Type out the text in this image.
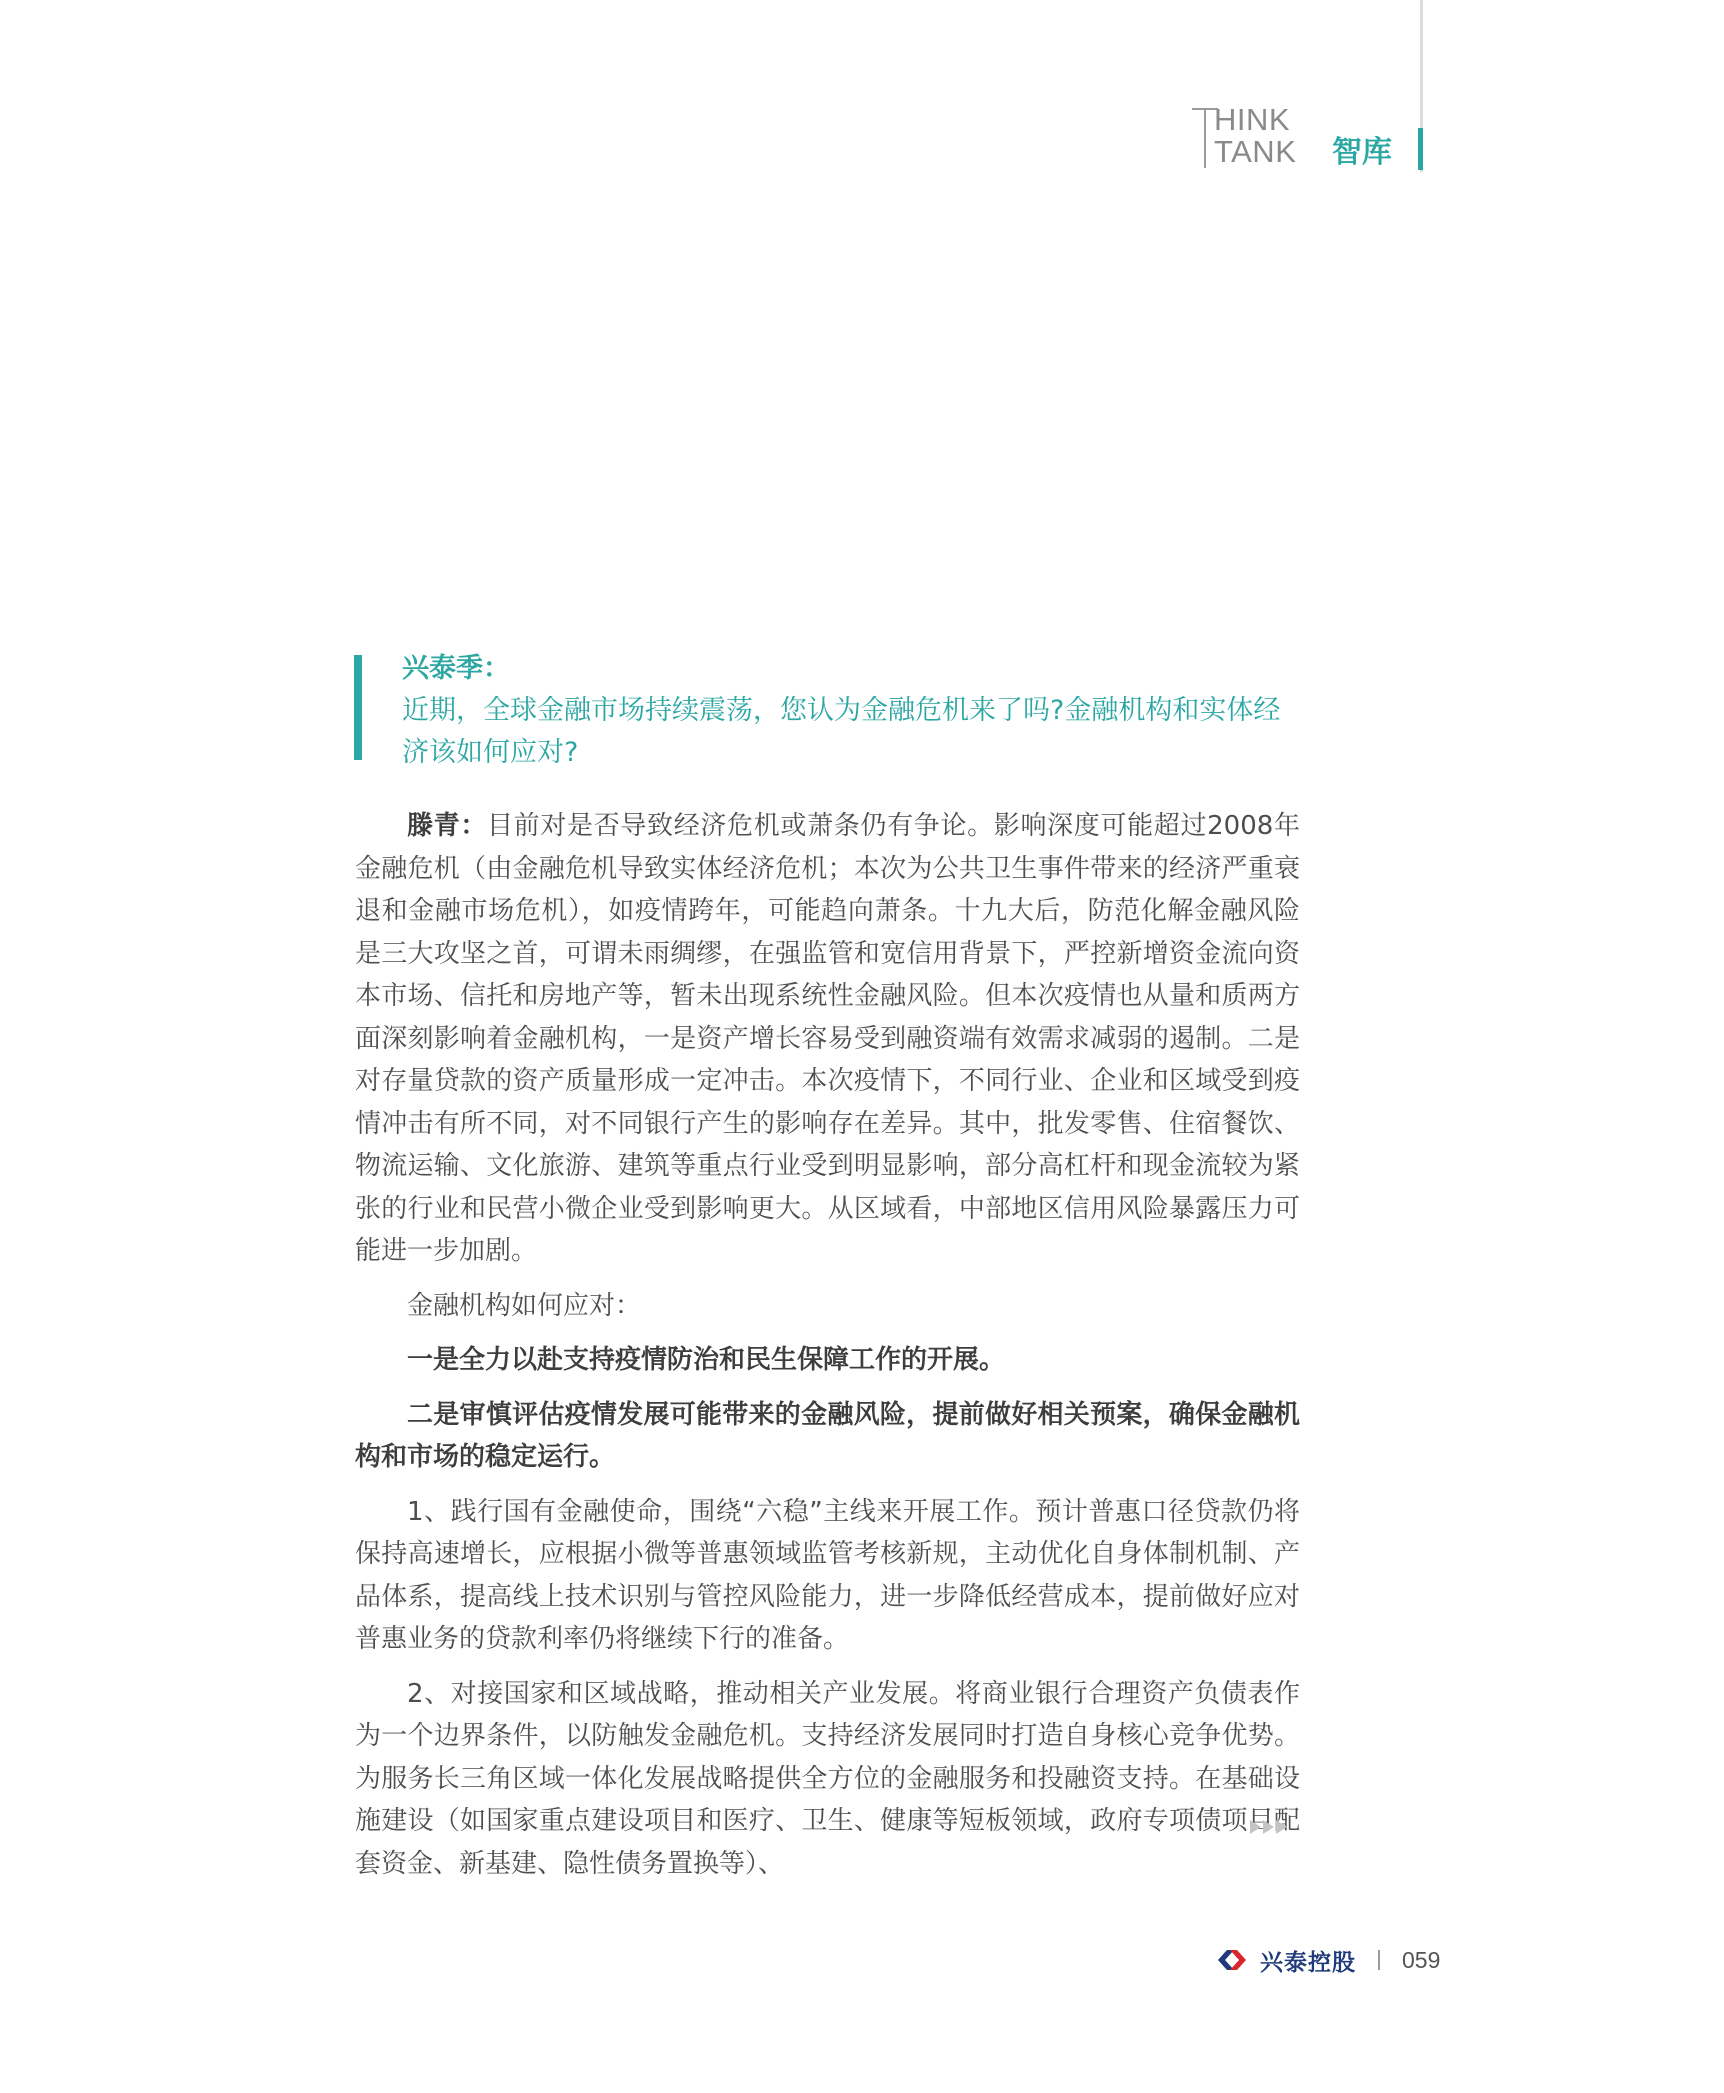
HINK
TANK 智库
兴泰季：

近期，全球金融市场持续震荡，您认为金融危机来了吗?金融机构和实体经济该如何应对?

滕青：目前对是否导致经济危机或萧条仍有争论。影响深度可能超过2008年金融危机（由金融危机导致实体经济危机；本次为公共卫生事件带来的经济严重衰退和金融市场危机），如疫情跨年，可能趋向萧条。十九大后，防范化解金融风险是三大攻坚之首，可谓未雨绸缪，在强监管和宽信用背景下，严控新增资金流向资本市场、信托和房地产等，暂未出现系统性金融风险。但本次疫情也从量和质两方面深刻影响着金融机构，一是资产增长容易受到融资端有效需求减弱的遏制。二是对存量贷款的资产质量形成一定冲击。本次疫情下，不同行业、企业和区域受到疫情冲击有所不同，对不同银行产生的影响存在差异。其中，批发零售、住宿餐饮、物流运输、文化旅游、建筑等重点行业受到明显影响，部分高杠杆和现金流较为紧张的行业和民营小微企业受到影响更大。从区域看，中部地区信用风险暴露压力可能进一步加剧。

金融机构如何应对：

一是全力以赴支持疫情防治和民生保障工作的开展。

二是审慎评估疫情发展可能带来的金融风险，提前做好相关预案，确保金融机构和市场的稳定运行。

1、践行国有金融使命，围绕“六稳”主线来开展工作。预计普惠口径贷款仍将保持高速增长，应根据小微等普惠领域监管考核新规，主动优化自身体制机制、产品体系，提高线上技术识别与管控风险能力，进一步降低经营成本，提前做好应对普惠业务的贷款利率仍将继续下行的准备。

2、对接国家和区域战略，推动相关产业发展。将商业银行合理资产负债表作为一个边界条件，以防触发金融危机。支持经济发展同时打造自身核心竞争优势。为服务长三角区域一体化发展战略提供全方位的金融服务和投融资支持。在基础设施建设（如国家重点建设项目和医疗、卫生、健康等短板领域，政府专项债项目配套资金、新基建、隐性债务置换等）、

兴泰控股 059
